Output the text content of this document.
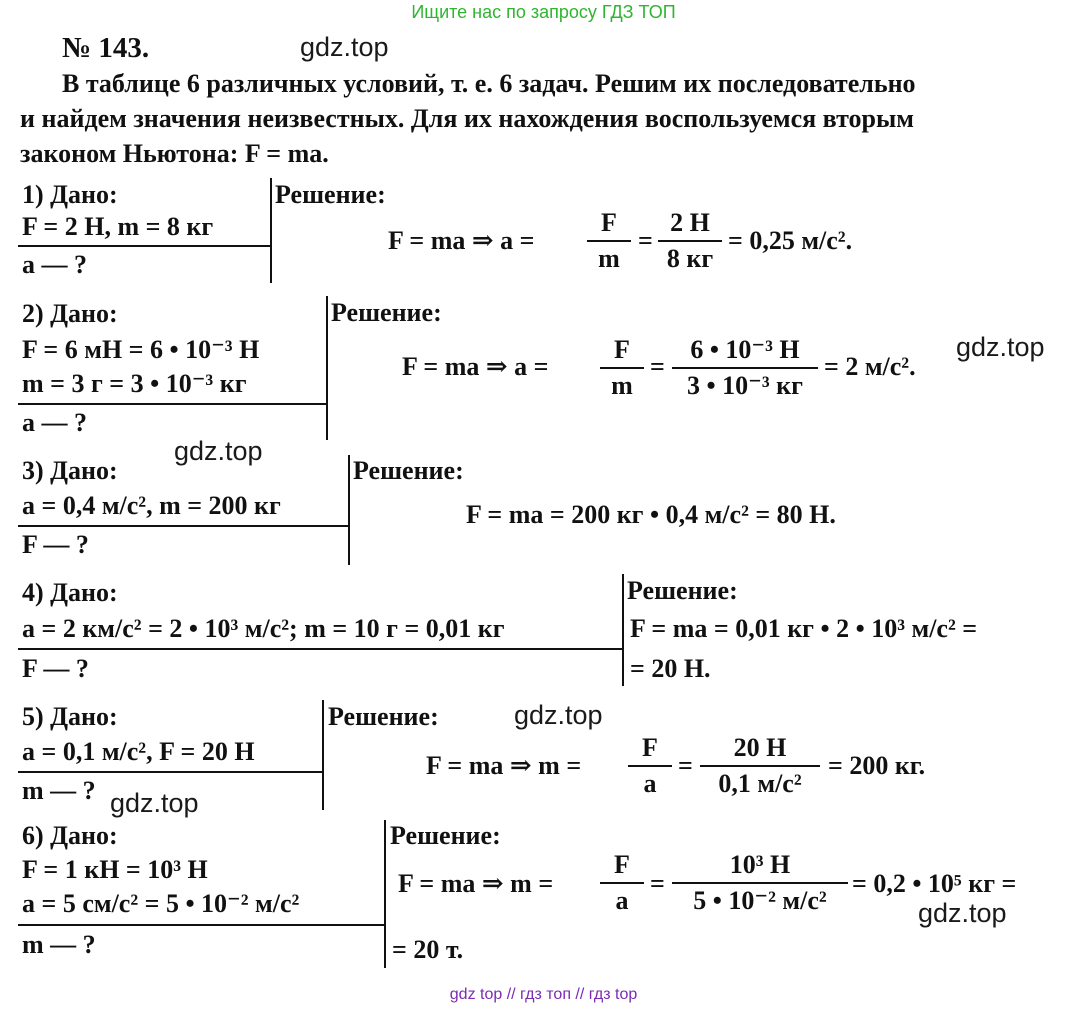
Ищите нас по запросу ГДЗ ТОП
№ 143.	gdz.top
В таблице 6 различных условий, т. е. 6 задач. Решим их последовательно
и найдем значения неизвестных. Для их нахождения воспользуемся вторым
законом Ньютона: F = ma.
1) Дано:
F = 2 Н, m = 8 кг
a — ?
Решение:
F = ma ⇒ a =
F
m
=
2 Н
8 кг
= 0,25 м/с².
2) Дано:
F = 6 мН = 6 • 10⁻³ Н
m = 3 г = 3 • 10⁻³ кг
a — ?
Решение:
F = ma ⇒ a =
F
m
=
6 • 10⁻³ Н
3 • 10⁻³ кг
= 2 м/с².
gdz.top
gdz.top
3) Дано:
a = 0,4 м/с², m = 200 кг
F — ?
Решение:
F = ma = 200 кг • 0,4 м/с² = 80 Н.
4) Дано:
a = 2 км/с² = 2 • 10³ м/с²; m = 10 г = 0,01 кг
F — ?
Решение:
F = ma = 0,01 кг • 2 • 10³ м/с² =
= 20 Н.
5) Дано:
a = 0,1 м/с², F = 20 Н
m — ?
Решение:	gdz.top
F = ma ⇒ m =
F
a
=
20 Н
0,1 м/с²
= 200 кг.
gdz.top
6) Дано:
F = 1 кН = 10³ Н
a = 5 см/с² = 5 • 10⁻² м/с²
m — ?
Решение:
F = ma ⇒ m =
F
a
=
10³ Н
5 • 10⁻² м/с²
= 0,2 • 10⁵ кг =
gdz.top
= 20 т.
gdz top // гдз топ // гдз top
